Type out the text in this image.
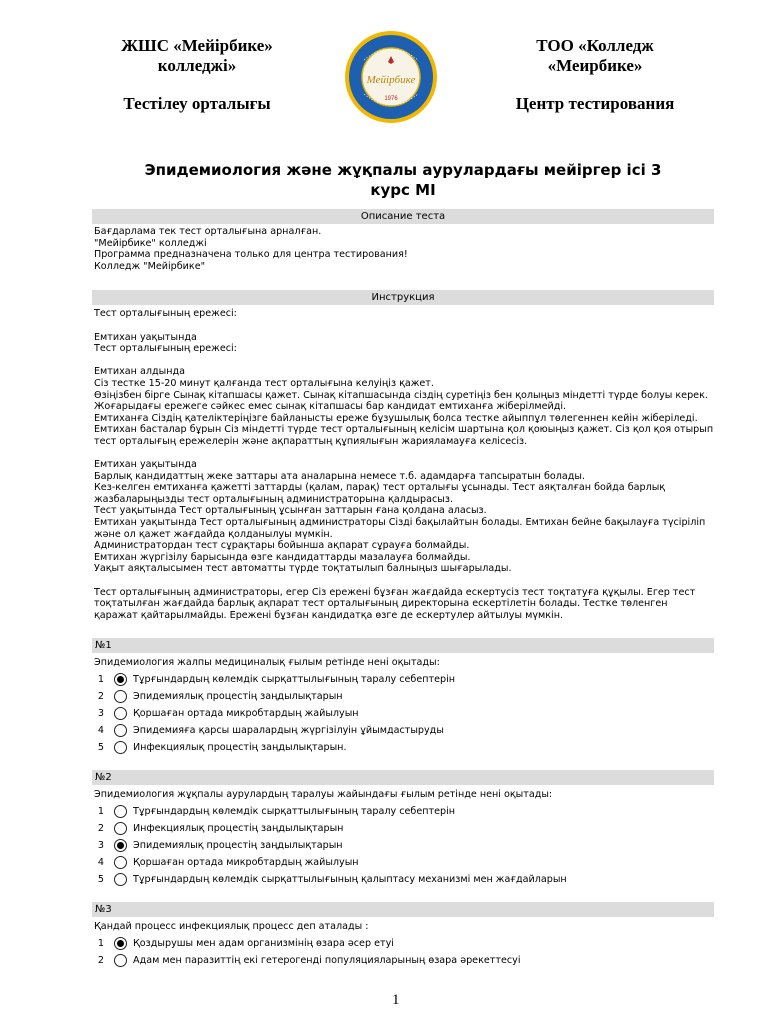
ЖШС «Мейірбике»
колледжі»
Тестілеу орталығы
Мейірбике
1976
ТОО «Колледж
«Меирбике»
Центр тестирования
Эпидемиология және жұқпалы аурулардағы мейіргер ісі 3
курс МІ
Описание теста
Бағдарлама тек тест орталығына арналған.
"Мейірбике" колледжі
Программа предназначена только для центра тестирования!
Колледж "Мейірбике"
Инструкция
Тест орталығының ережесі:
Емтихан уақытында
Тест орталығының ережесі:
Емтихан алдында
Сіз тестке 15-20 минут қалғанда тест орталығына келуіңіз қажет.
Өзіңізбен бірге Сынақ кітапшасы қажет. Сынақ кітапшасында сіздің суретіңіз бен қолыңыз міндетті түрде болуы керек. Жоғарыдағы ережеге сәйкес емес сынақ кітапшасы бар кандидат емтиханға жіберілмейді.
Емтиханға Сіздің қателіктеріңізге байланысты ереже бұзушылық болса тестке айыппұл төлегеннен кейін жіберіледі.
Емтихан басталар бұрын Сіз міндетті түрде тест орталығының келісім шартына қол қоюыңыз қажет. Сіз қол қоя отырып тест орталығың ережелерін және ақпараттың құпиялығын жарияламауға келісесіз.
Емтихан уақытында
Барлық кандидаттың жеке заттары ата аналарына немесе т.б. адамдарға тапсыратын болады.
Кез-келген емтиханға қажетті заттарды (қалам, парақ) тест орталығы ұсынады. Тест аяқталған бойда барлық жазбаларыңызды тест орталығының администраторына қалдырасыз.
Тест уақытында Тест орталығының ұсынған заттарын ғана қолдана аласыз.
Емтихан уақытында Тест орталығының администраторы Сізді бақылайтын болады. Емтихан бейне бақылауға түсіріліп және ол қажет жағдайда қолданылуы мүмкін.
Администратордан тест сұрақтары бойынша ақпарат сұрауға болмайды.
Емтихан жүргізілу барысында өзге кандидаттарды мазалауға болмайды.
Уақыт аяқталысымен тест автоматты түрде тоқтатылып балныңыз шығарылады.
Тест орталығының администраторы, егер Сіз ережені бұзған жағдайда ескертусіз тест тоқтатуға құқылы. Егер тест тоқтатылған жағдайда барлық ақпарат тест орталығының директорына ескертілетін болады. Тестке төленген қаражат қайтарылмайды. Ережені бұзған кандидатқа өзге де ескертулер айтылуы мүмкін.
№1
Эпидемиология жалпы медициналық ғылым ретінде нені оқытады:
1	Тұрғындардың көлемдік сырқаттылығының таралу себептерін
2	Эпидемиялық процестің заңдылықтарын
3	Қоршаған ортада микробтардың жайылуын
4	Эпидемияға қарсы шаралардың жүргізілуін ұйымдастыруды
5	Инфекциялық процестің заңдылықтарын.
№2
Эпидемиология жұқпалы аурулардың таралуы жайындағы ғылым ретінде нені оқытады:
1	Тұрғындардың көлемдік сырқаттылығының таралу себептерін
2	Инфекциялық процестің заңдылықтарын
3	Эпидемиялық процестің заңдылықтарын
4	Қоршаған ортада микробтардың жайылуын
5	Тұрғындардың көлемдік сырқаттылығының қалыптасу механизмі мен жағдайларын
№3
Қандай процесс инфекциялық процесс деп аталады :
1	Қоздырушы мен адам организмінің өзара әсер етуі
2	Адам мен паразиттің екі гетерогенді популяцияларының өзара әрекеттесуі
1
